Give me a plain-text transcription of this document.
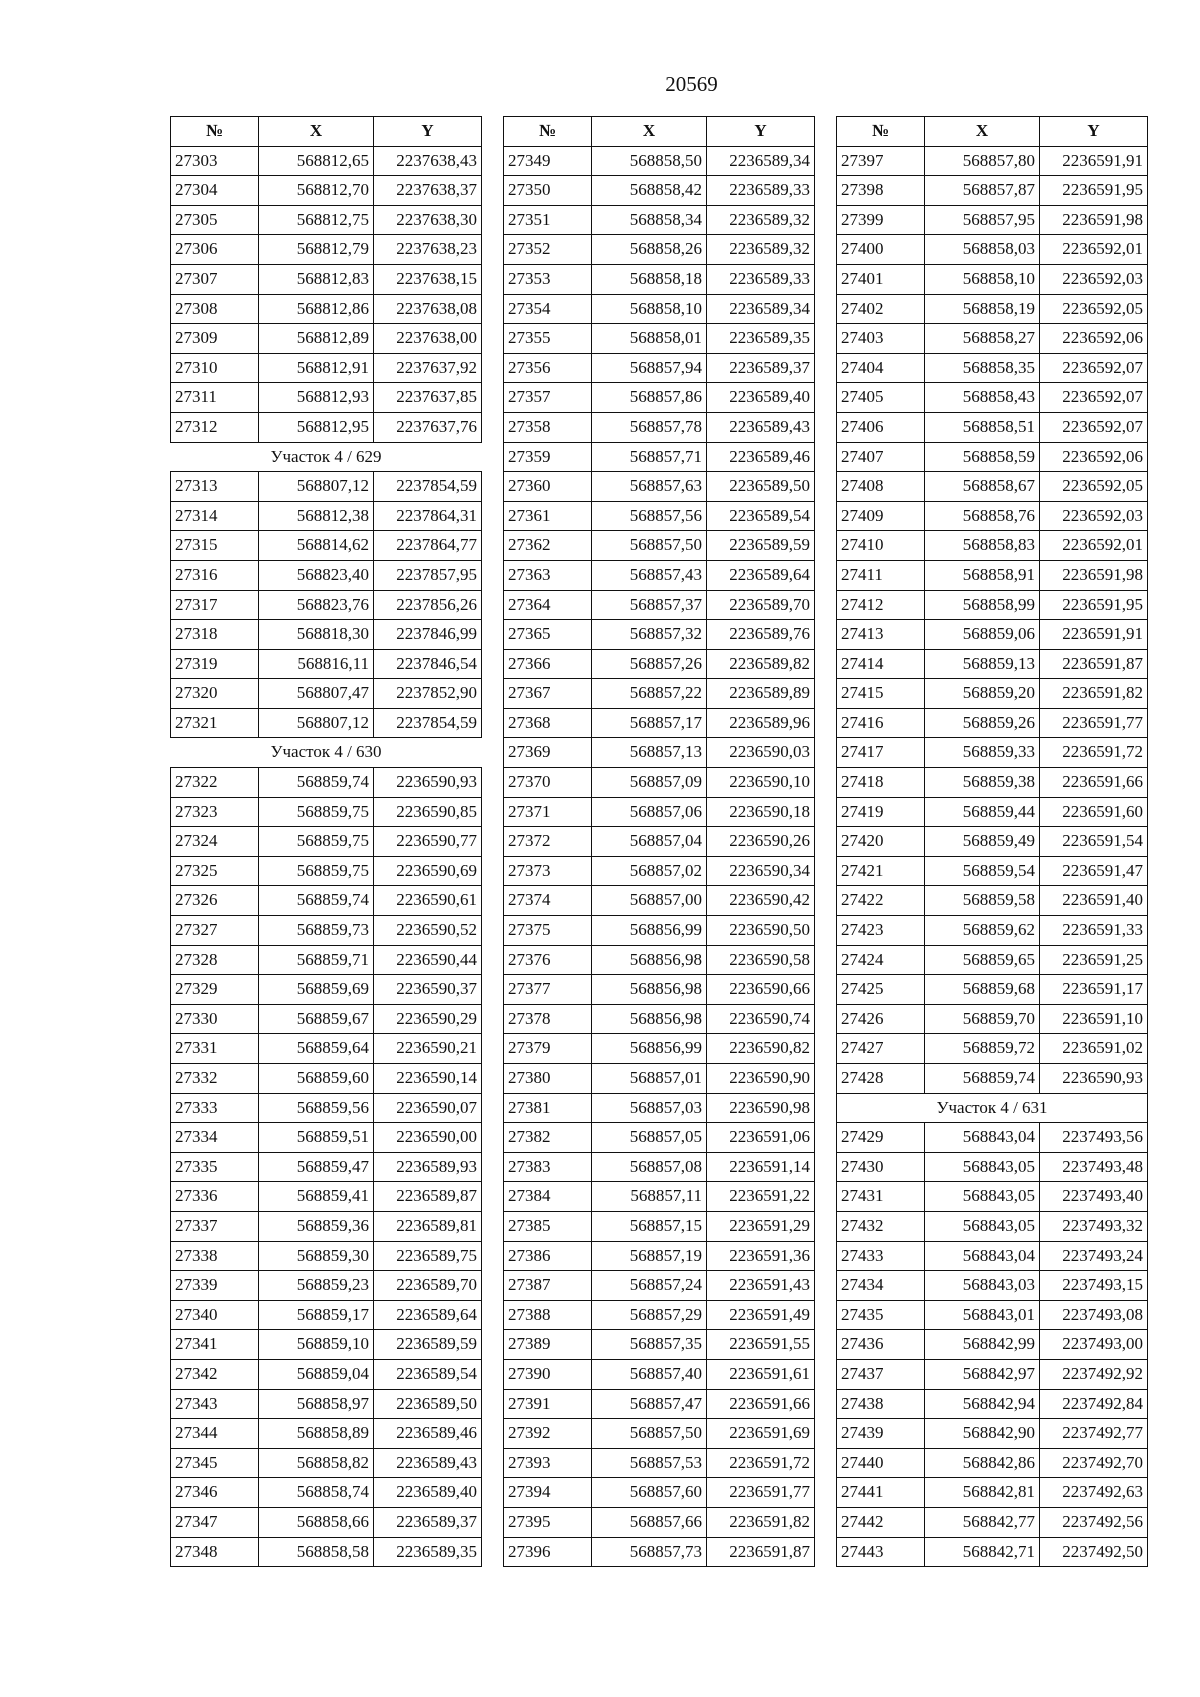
20569
№	X	Y
27303	568812,65	2237638,43
27304	568812,70	2237638,37
27305	568812,75	2237638,30
27306	568812,79	2237638,23
27307	568812,83	2237638,15
27308	568812,86	2237638,08
27309	568812,89	2237638,00
27310	568812,91	2237637,92
27311	568812,93	2237637,85
27312	568812,95	2237637,76
Участок 4 / 629		
27313	568807,12	2237854,59
27314	568812,38	2237864,31
27315	568814,62	2237864,77
27316	568823,40	2237857,95
27317	568823,76	2237856,26
27318	568818,30	2237846,99
27319	568816,11	2237846,54
27320	568807,47	2237852,90
27321	568807,12	2237854,59
Участок 4 / 630		
27322	568859,74	2236590,93
27323	568859,75	2236590,85
27324	568859,75	2236590,77
27325	568859,75	2236590,69
27326	568859,74	2236590,61
27327	568859,73	2236590,52
27328	568859,71	2236590,44
27329	568859,69	2236590,37
27330	568859,67	2236590,29
27331	568859,64	2236590,21
27332	568859,60	2236590,14
27333	568859,56	2236590,07
27334	568859,51	2236590,00
27335	568859,47	2236589,93
27336	568859,41	2236589,87
27337	568859,36	2236589,81
27338	568859,30	2236589,75
27339	568859,23	2236589,70
27340	568859,17	2236589,64
27341	568859,10	2236589,59
27342	568859,04	2236589,54
27343	568858,97	2236589,50
27344	568858,89	2236589,46
27345	568858,82	2236589,43
27346	568858,74	2236589,40
27347	568858,66	2236589,37
27348	568858,58	2236589,35
№	X	Y
27349	568858,50	2236589,34
27350	568858,42	2236589,33
27351	568858,34	2236589,32
27352	568858,26	2236589,32
27353	568858,18	2236589,33
27354	568858,10	2236589,34
27355	568858,01	2236589,35
27356	568857,94	2236589,37
27357	568857,86	2236589,40
27358	568857,78	2236589,43
27359	568857,71	2236589,46
27360	568857,63	2236589,50
27361	568857,56	2236589,54
27362	568857,50	2236589,59
27363	568857,43	2236589,64
27364	568857,37	2236589,70
27365	568857,32	2236589,76
27366	568857,26	2236589,82
27367	568857,22	2236589,89
27368	568857,17	2236589,96
27369	568857,13	2236590,03
27370	568857,09	2236590,10
27371	568857,06	2236590,18
27372	568857,04	2236590,26
27373	568857,02	2236590,34
27374	568857,00	2236590,42
27375	568856,99	2236590,50
27376	568856,98	2236590,58
27377	568856,98	2236590,66
27378	568856,98	2236590,74
27379	568856,99	2236590,82
27380	568857,01	2236590,90
27381	568857,03	2236590,98
27382	568857,05	2236591,06
27383	568857,08	2236591,14
27384	568857,11	2236591,22
27385	568857,15	2236591,29
27386	568857,19	2236591,36
27387	568857,24	2236591,43
27388	568857,29	2236591,49
27389	568857,35	2236591,55
27390	568857,40	2236591,61
27391	568857,47	2236591,66
27392	568857,50	2236591,69
27393	568857,53	2236591,72
27394	568857,60	2236591,77
27395	568857,66	2236591,82
27396	568857,73	2236591,87
№	X	Y
27397	568857,80	2236591,91
27398	568857,87	2236591,95
27399	568857,95	2236591,98
27400	568858,03	2236592,01
27401	568858,10	2236592,03
27402	568858,19	2236592,05
27403	568858,27	2236592,06
27404	568858,35	2236592,07
27405	568858,43	2236592,07
27406	568858,51	2236592,07
27407	568858,59	2236592,06
27408	568858,67	2236592,05
27409	568858,76	2236592,03
27410	568858,83	2236592,01
27411	568858,91	2236591,98
27412	568858,99	2236591,95
27413	568859,06	2236591,91
27414	568859,13	2236591,87
27415	568859,20	2236591,82
27416	568859,26	2236591,77
27417	568859,33	2236591,72
27418	568859,38	2236591,66
27419	568859,44	2236591,60
27420	568859,49	2236591,54
27421	568859,54	2236591,47
27422	568859,58	2236591,40
27423	568859,62	2236591,33
27424	568859,65	2236591,25
27425	568859,68	2236591,17
27426	568859,70	2236591,10
27427	568859,72	2236591,02
27428	568859,74	2236590,93
Участок 4 / 631		
27429	568843,04	2237493,56
27430	568843,05	2237493,48
27431	568843,05	2237493,40
27432	568843,05	2237493,32
27433	568843,04	2237493,24
27434	568843,03	2237493,15
27435	568843,01	2237493,08
27436	568842,99	2237493,00
27437	568842,97	2237492,92
27438	568842,94	2237492,84
27439	568842,90	2237492,77
27440	568842,86	2237492,70
27441	568842,81	2237492,63
27442	568842,77	2237492,56
27443	568842,71	2237492,50
